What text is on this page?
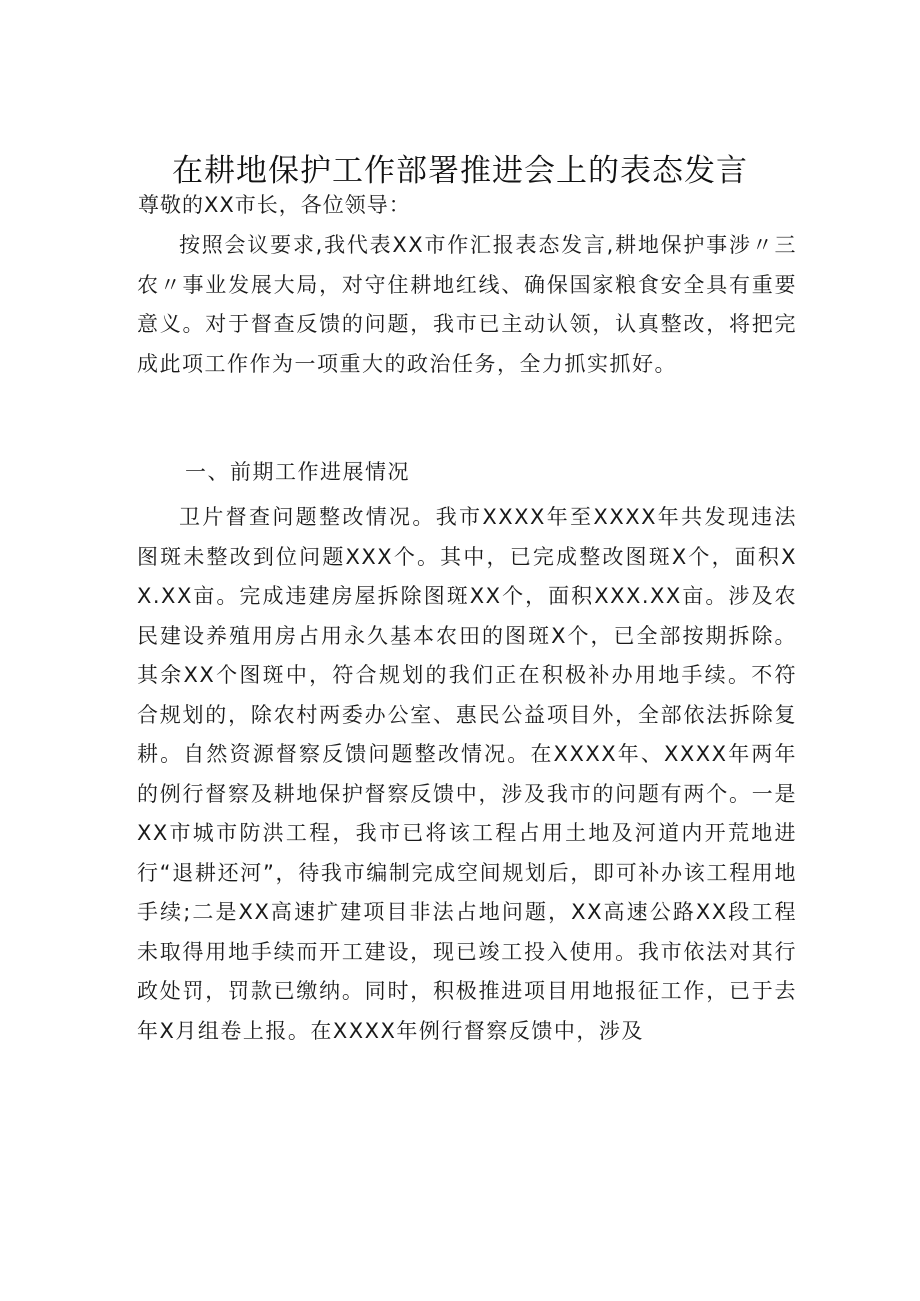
在耕地保护工作部署推进会上的表态发言
尊敬的XX市长，各位领导：

按照会议要求,我代表XX市作汇报表态发言,耕地保护事涉〃三农〃事业发展大局，对守住耕地红线、确保国家粮食安全具有重要意义。对于督查反馈的问题，我市已主动认领，认真整改，将把完成此项工作作为一项重大的政治任务，全力抓实抓好。

一、前期工作进展情况

卫片督查问题整改情况。我市XXXX年至XXXX年共发现违法图斑未整改到位问题XXX个。其中，已完成整改图斑X个，面积XX.XX亩。完成违建房屋拆除图斑XX个，面积XXX.XX亩。涉及农民建设养殖用房占用永久基本农田的图斑X个，已全部按期拆除。其余XX个图斑中，符合规划的我们正在积极补办用地手续。不符合规划的，除农村两委办公室、惠民公益项目外，全部依法拆除复耕。自然资源督察反馈问题整改情况。在XXXX年、XXXX年两年的例行督察及耕地保护督察反馈中，涉及我市的问题有两个。一是XX市城市防洪工程，我市已将该工程占用土地及河道内开荒地进行“退耕还河”，待我市编制完成空间规划后，即可补办该工程用地手续;二是XX高速扩建项目非法占地问题，XX高速公路XX段工程未取得用地手续而开工建设，现已竣工投入使用。我市依法对其行政处罚，罚款已缴纳。同时，积极推进项目用地报征工作，已于去年X月组卷上报。在XXXX年例行督察反馈中，涉及
